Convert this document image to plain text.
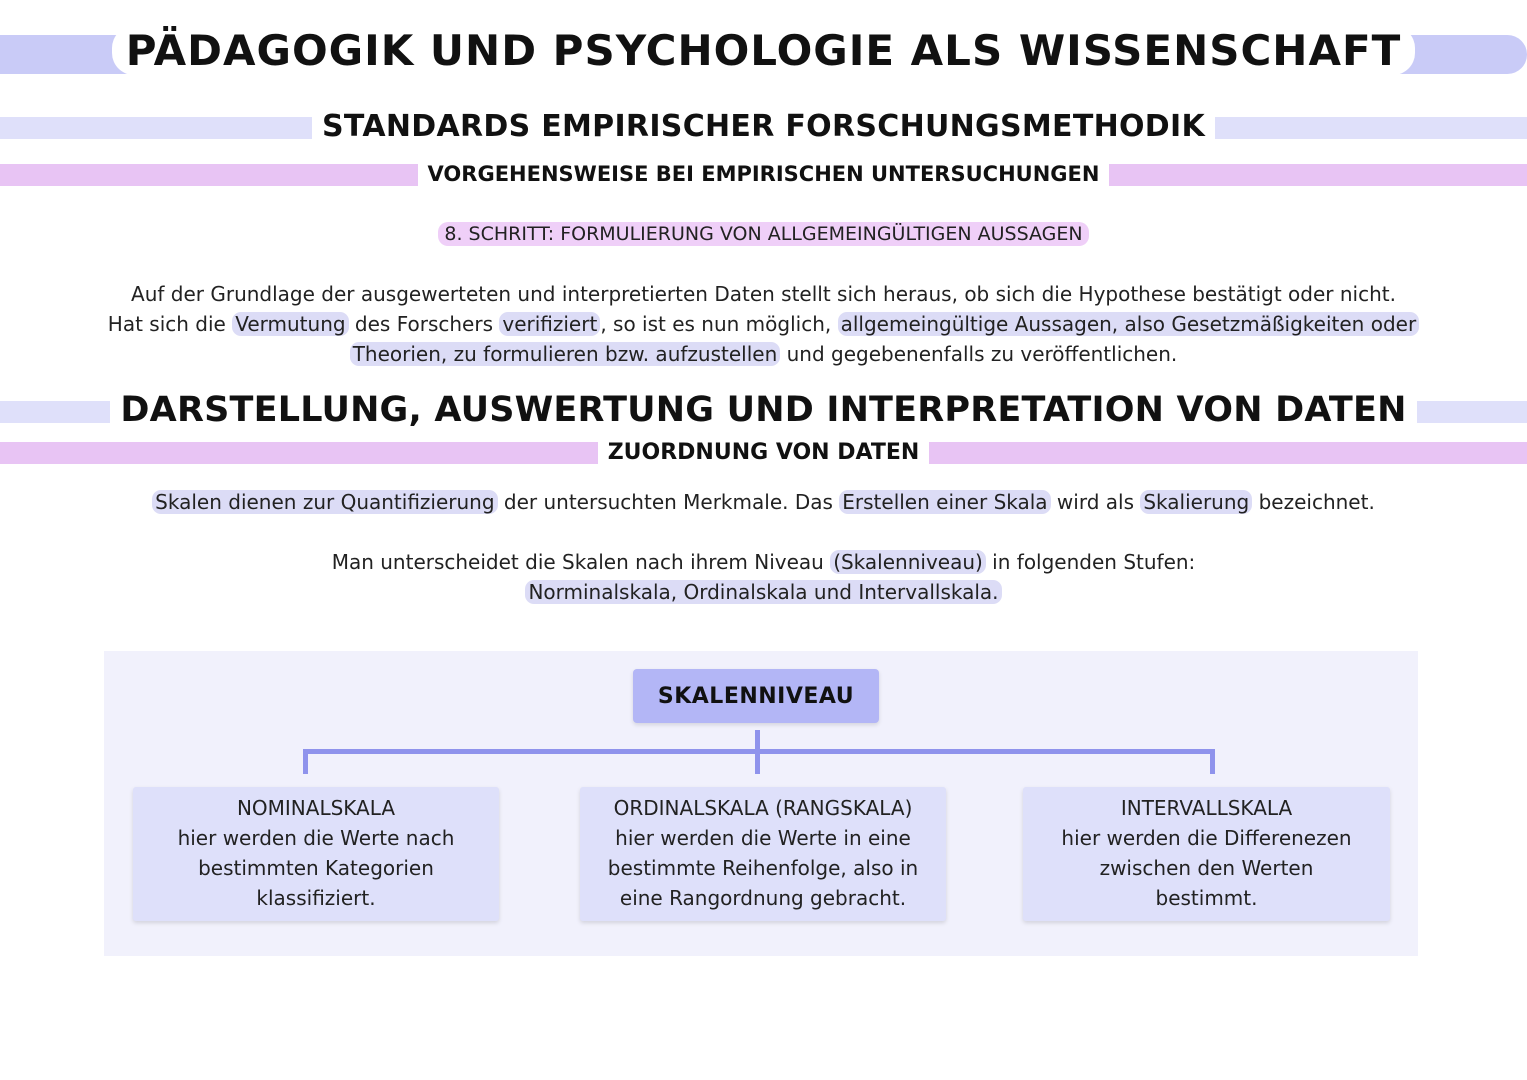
PÄDAGOGIK UND PSYCHOLOGIE ALS WISSENSCHAFT
STANDARDS EMPIRISCHER FORSCHUNGSMETHODIK
VORGEHENSWEISE BEI EMPIRISCHEN UNTERSUCHUNGEN
8. SCHRITT: FORMULIERUNG VON ALLGEMEINGÜLTIGEN AUSSAGEN
Auf der Grundlage der ausgewerteten und interpretierten Daten stellt sich heraus, ob sich die Hypothese bestätigt oder nicht.
Hat sich die Vermutung des Forschers verifiziert , so ist es nun möglich, allgemeingültige Aussagen, also Gesetzmäßigkeiten oder
Theorien, zu formulieren bzw. aufzustellen und gegebenenfalls zu veröffentlichen.
DARSTELLUNG, AUSWERTUNG UND INTERPRETATION VON DATEN
ZUORDNUNG VON DATEN
Skalen dienen zur Quantifizierung der untersuchten Merkmale. Das Erstellen einer Skala wird als Skalierung bezeichnet.
Man unterscheidet die Skalen nach ihrem Niveau (Skalenniveau) in folgenden Stufen:
Norminalskala, Ordinalskala und Intervallskala.
SKALENNIVEAU
NOMINALSKALA
hier werden die Werte nach
bestimmten Kategorien
klassifiziert.
ORDINALSKALA (RANGSKALA)
hier werden die Werte in eine
bestimmte Reihenfolge, also in
eine Rangordnung gebracht.
INTERVALLSKALA
hier werden die Differenezen
zwischen den Werten
bestimmt.
